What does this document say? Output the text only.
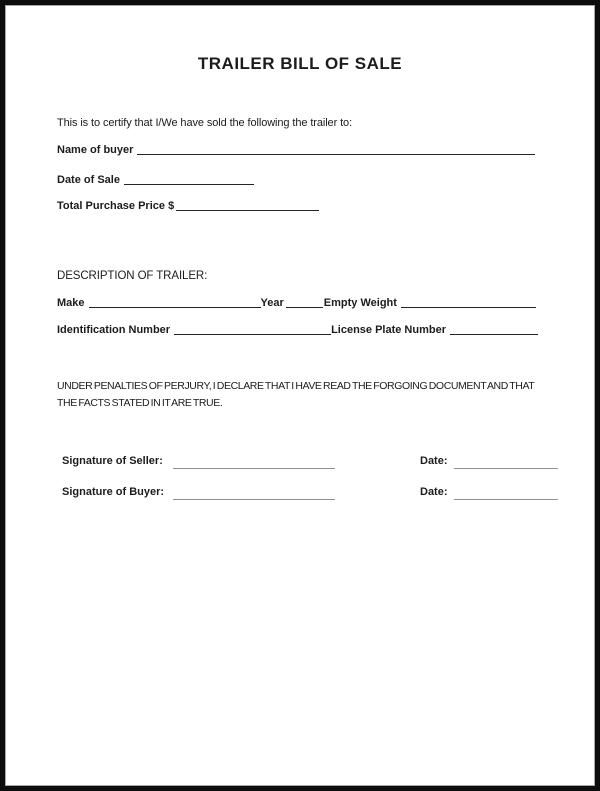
TRAILER BILL OF SALE
This is to certify that I/We have sold the following the trailer to:
Name of buyer
Date of Sale
Total Purchase Price $
DESCRIPTION OF TRAILER:
Make	Year	Empty Weight
Identification Number	License Plate Number
UNDER PENALTIES OF PERJURY, I DECLARE THAT I HAVE READ THE FORGOING DOCUMENT AND THAT
THE FACTS STATED IN IT ARE TRUE.
Signature of Seller:	Date:
Signature of Buyer:	Date:
